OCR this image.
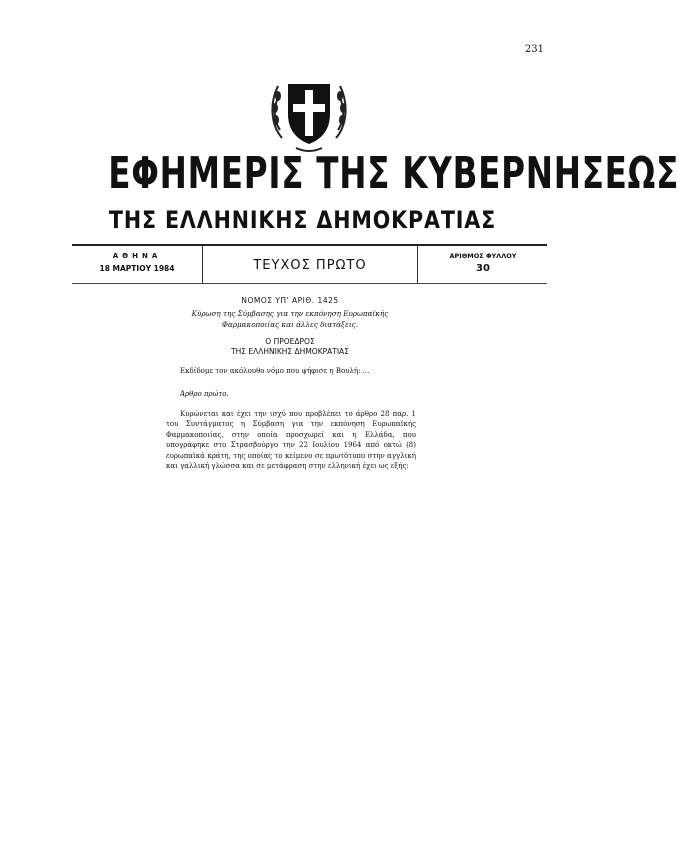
231
ΕΦΗΜΕΡΙΣ ΤΗΣ ΚΥΒΕΡΝΗΣΕΩΣ
ΤΗΣ ΕΛΛΗΝΙΚΗΣ ΔΗΜΟΚΡΑΤΙΑΣ
ΑΘΗΝΑ
18 ΜΑΡΤΙΟΥ 1984	ΤΕΥΧΟΣ ΠΡΩΤΟ
ΑΡΙΘΜΟΣ ΦΥΛΛΟΥ
30
ΝΟΜΟΣ ΥΠ' ΑΡΙΘ. 1425
Κύρωση της Σύμβασης για την εκπόνηση Ευρωπαϊκής Φαρμακοποιίας και άλλες διατάξεις.
Ο ΠΡΟΕΔΡΟΣ
ΤΗΣ ΕΛΛΗΝΙΚΗΣ ΔΗΜΟΚΡΑΤΙΑΣ
Εκδίδομε τον ακόλουθο νόμο που ψήφισε η Βουλή: ...
Άρθρο πρώτο.
Κυρώνεται και έχει την ισχύ που προβλέπει το άρθρο 28 παρ. 1 του Συντάγματος η Σύμβαση για την εκπόνηση Ευρωπαϊκής Φαρμακοποιίας, στην οποία προσχωρεί και η Ελλάδα, που υπογράφηκε στο Στρασβούργο την 22 Ιουλίου 1964 από οκτώ (8) ευρωπαϊκά κράτη, της οποίας το κείμενο σε πρωτότυπο στην αγγλική και γαλλική γλώσσα και σε μετάφραση στην ελληνική έχει ως εξής:
